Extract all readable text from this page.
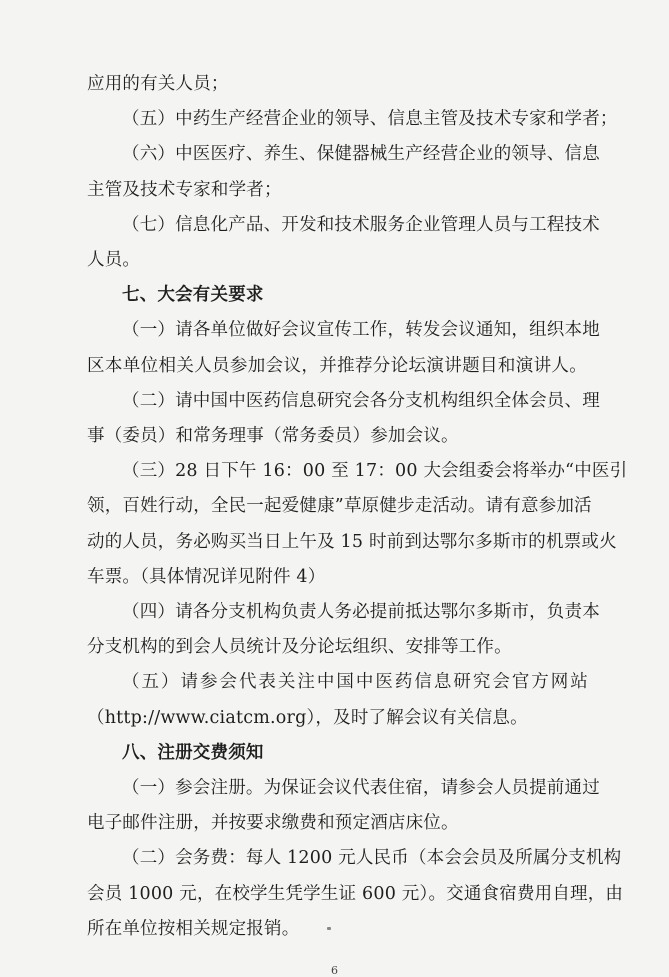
应用的有关人员；
（五）中药生产经营企业的领导、信息主管及技术专家和学者；
（六）中医医疗、养生、保健器械生产经营企业的领导、信息
主管及技术专家和学者；
（七）信息化产品、开发和技术服务企业管理人员与工程技术
人员。
七、大会有关要求
（一）请各单位做好会议宣传工作，转发会议通知，组织本地
区本单位相关人员参加会议，并推荐分论坛演讲题目和演讲人。
（二）请中国中医药信息研究会各分支机构组织全体会员、理
事（委员）和常务理事（常务委员）参加会议。
（三）28 日下午 16：00 至 17：00 大会组委会将举办“中医引
领，百姓行动，全民一起爱健康”草原健步走活动。请有意参加活
动的人员，务必购买当日上午及 15 时前到达鄂尔多斯市的机票或火
车票。（具体情况详见附件 4）
（四）请各分支机构负责人务必提前抵达鄂尔多斯市，负责本
分支机构的到会人员统计及分论坛组织、安排等工作。
（五）请参会代表关注中国中医药信息研究会官方网站
（http://www.ciatcm.org），及时了解会议有关信息。
八、注册交费须知
（一）参会注册。为保证会议代表住宿，请参会人员提前通过
电子邮件注册，并按要求缴费和预定酒店床位。
（二）会务费：每人 1200 元人民币（本会会员及所属分支机构
会员 1000 元，在校学生凭学生证 600 元）。交通食宿费用自理，由
所在单位按相关规定报销。
6
